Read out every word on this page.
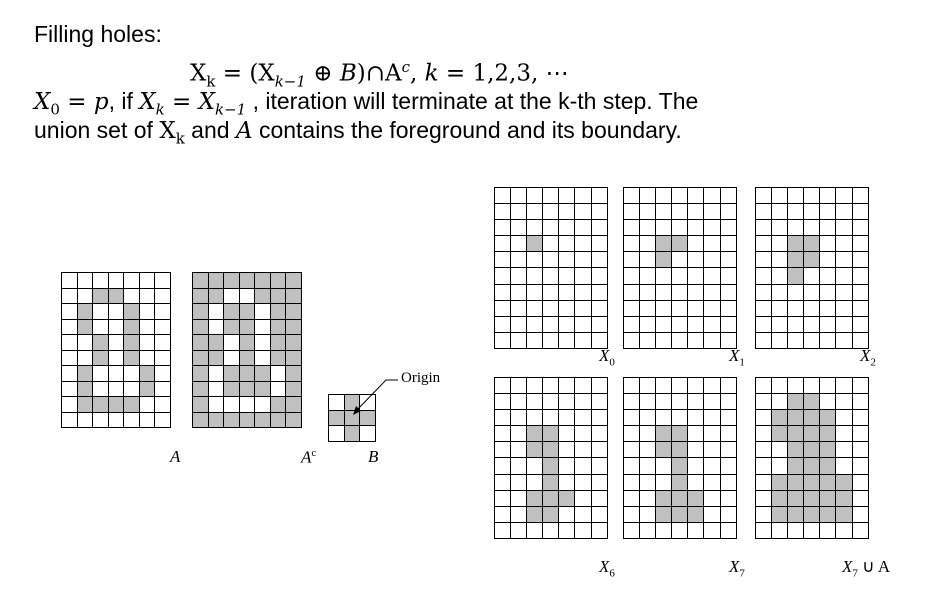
Filling holes:
$X_k = (X_{k-1}$ ⊕ $B)\cap A^c$, k = 1,2,3, ⋯
$X_0 = p$, if $X_k = X_{k-1}$ , iteration will terminate at the k-th step. The
union set of $X_k$ and A contains the foreground and its boundary.
A	$A^c$	B
Origin
$X_0$	$X_1$	$X_2$
$X_6$	$X_7$	$X_7$ ∪ A
